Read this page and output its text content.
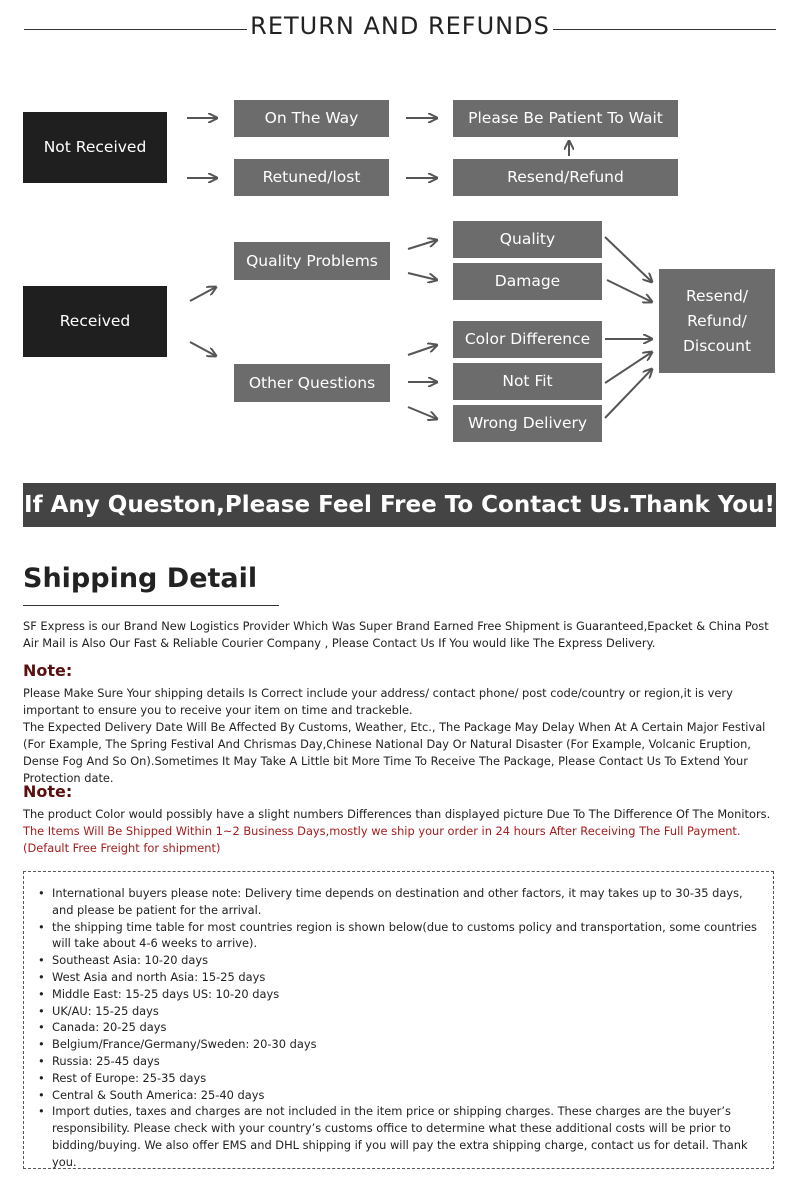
RETURN AND REFUNDS
Not Received
On The Way	Please Be Patient To Wait
Retuned/lost	Resend/Refund
Received
Quality Problems
Other Questions
Quality
Damage
Color Difference
Not Fit
Wrong Delivery
Resend/
Refund/
Discount
If Any Queston,Please Feel Free To Contact Us.Thank You!
Shipping Detail

SF Express is our Brand New Logistics Provider Which Was Super Brand Earned Free Shipment is Guaranteed,Epacket & China Post Air Mail is Also Our Fast & Reliable Courier Company , Please Contact Us If You would like The Express Delivery.

Note:

Please Make Sure Your shipping details Is Correct include your address/ contact phone/ post code/country or region,it is very important to ensure you to receive your item on time and trackeble.

The Expected Delivery Date Will Be Affected By Customs, Weather, Etc., The Package May Delay When At A Certain Major Festival (For Example, The Spring Festival And Chrismas Day,Chinese National Day Or Natural Disaster (For Example, Volcanic Eruption, Dense Fog And So On).Sometimes It May Take A Little bit More Time To Receive The Package, Please Contact Us To Extend Your Protection date.

Note:

The product Color would possibly have a slight numbers Differences than displayed picture Due To The Difference Of The Monitors.

The Items Will Be Shipped Within 1~2 Business Days,mostly we ship your order in 24 hours After Receiving The Full Payment.(Default Free Freight for shipment)

• International buyers please note: Delivery time depends on destination and other factors, it may takes up to 30-35 days, and please be patient for the arrival.
• the shipping time table for most countries region is shown below(due to customs policy and transportation, some countries will take about 4-6 weeks to arrive).
• Southeast Asia: 10-20 days
• West Asia and north Asia: 15-25 days
• Middle East: 15-25 days US: 10-20 days
• UK/AU: 15-25 days
• Canada: 20-25 days
• Belgium/France/Germany/Sweden: 20-30 days
• Russia: 25-45 days
• Rest of Europe: 25-35 days
• Central & South America: 25-40 days
• Import duties, taxes and charges are not included in the item price or shipping charges. These charges are the buyer’s responsibility. Please check with your country’s customs office to determine what these additional costs will be prior to bidding/buying. We also offer EMS and DHL shipping if you will pay the extra shipping charge, contact us for detail. Thank you.
